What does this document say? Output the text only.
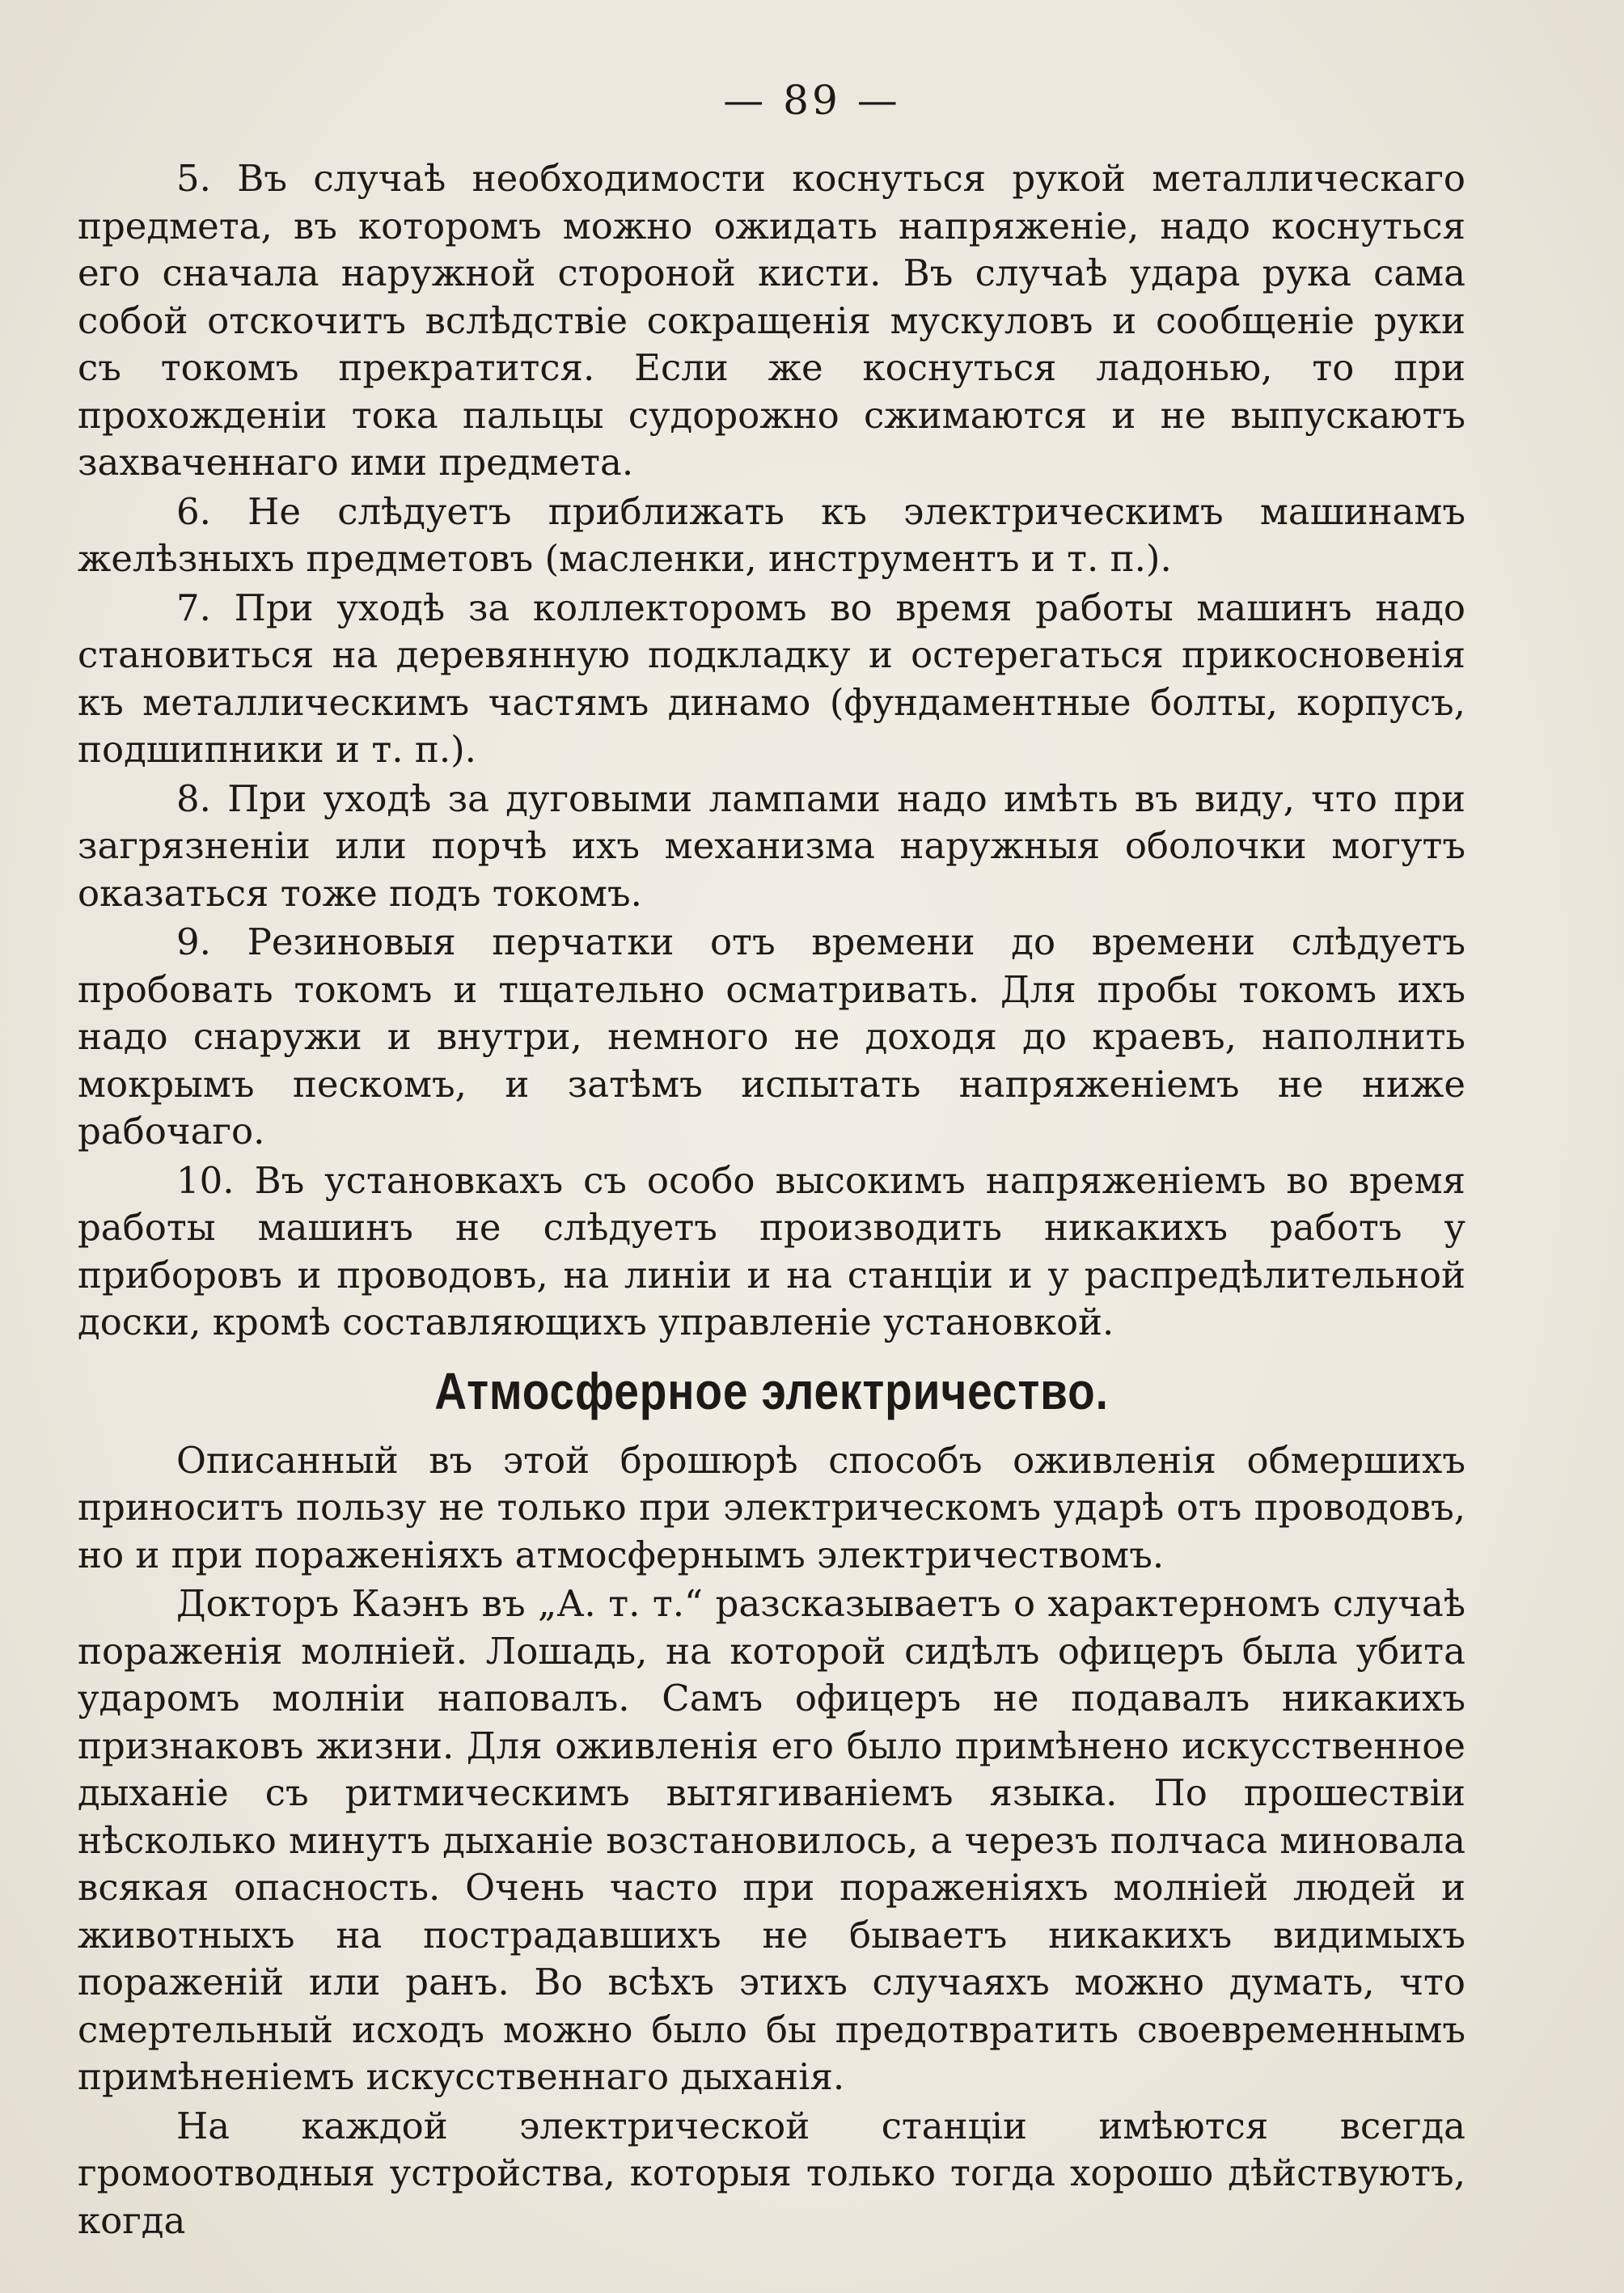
— 89 —

5. Въ случаѣ необходимости коснуться рукой металлическаго предмета, въ которомъ можно ожидать напряженіе, надо коснуться его сначала наружной стороной кисти. Въ случаѣ удара рука сама собой отскочитъ вслѣдствіе сокращенія мускуловъ и сообщеніе руки съ токомъ прекратится. Если же коснуться ладонью, то при прохожденіи тока пальцы судорожно сжимаются и не выпускаютъ захваченнаго ими предмета.

6. Не слѣдуетъ приближать къ электрическимъ машинамъ желѣзныхъ предметовъ (масленки, инструментъ и т. п.).

7. При уходѣ за коллекторомъ во время работы машинъ надо становиться на деревянную подкладку и остерегаться прикосновенія къ металлическимъ частямъ динамо (фундаментные болты, корпусъ, подшипники и т. п.).

8. При уходѣ за дуговыми лампами надо имѣть въ виду, что при загрязненіи или порчѣ ихъ механизма наружныя оболочки могутъ оказаться тоже подъ токомъ.

9. Резиновыя перчатки отъ времени до времени слѣдуетъ пробовать токомъ и тщательно осматривать. Для пробы токомъ ихъ надо снаружи и внутри, немного не доходя до краевъ, наполнить мокрымъ пескомъ, и затѣмъ испытать напряженіемъ не ниже рабочаго.

10. Въ установкахъ съ особо высокимъ напряженіемъ во время работы машинъ не слѣдуетъ производить никакихъ работъ у приборовъ и проводовъ, на линіи и на станціи и у распредѣлительной доски, кромѣ составляющихъ управленіе установкой.

Атмосферное электричество.

Описанный въ этой брошюрѣ способъ оживленія обмершихъ приноситъ пользу не только при электрическомъ ударѣ отъ проводовъ, но и при пораженіяхъ атмосфернымъ электричествомъ.

Докторъ Каэнъ въ „А. т. т.“ разсказываетъ о характерномъ случаѣ пораженія молніей. Лошадь, на которой сидѣлъ офицеръ была убита ударомъ молніи наповалъ. Самъ офицеръ не подавалъ никакихъ признаковъ жизни. Для оживленія его было примѣнено искусственное дыханіе съ ритмическимъ вытягиваніемъ языка. По прошествіи нѣсколько минутъ дыханіе возстановилось, а черезъ полчаса миновала всякая опасность. Очень часто при пораженіяхъ молніей людей и животныхъ на пострадавшихъ не бываетъ никакихъ видимыхъ пораженій или ранъ. Во всѣхъ этихъ случаяхъ можно думать, что смертельный исходъ можно было бы предотвратить своевременнымъ примѣненіемъ искусственнаго дыханія.

На каждой электрической станціи имѣются всегда громоотводныя устройства, которыя только тогда хорошо дѣйствуютъ, когда
